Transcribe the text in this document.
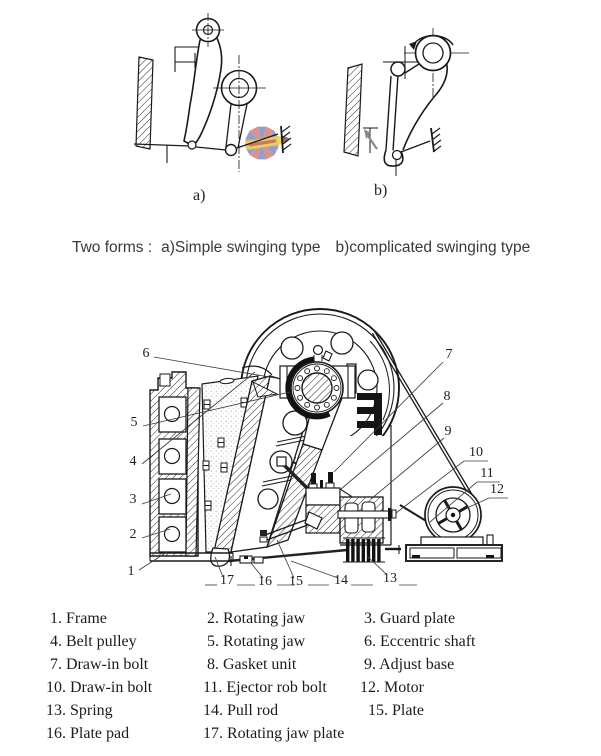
a)	b)
Two forms : a)Simple swinging type b)complicated swinging type
1
2
3
4
5
6	7
8
9
10
11
12
13
14
15
16
17
1. Frame	2. Rotating jaw	3. Guard plate
4. Belt pulley	5. Rotating jaw	6. Eccentric shaft
7. Draw-in bolt	8. Gasket unit	9. Adjust base
10. Draw-in bolt	11. Ejector rob bolt 12. Motor
13. Spring	14. Pull rod	15. Plate
16. Plate pad	17. Rotating jaw plate
